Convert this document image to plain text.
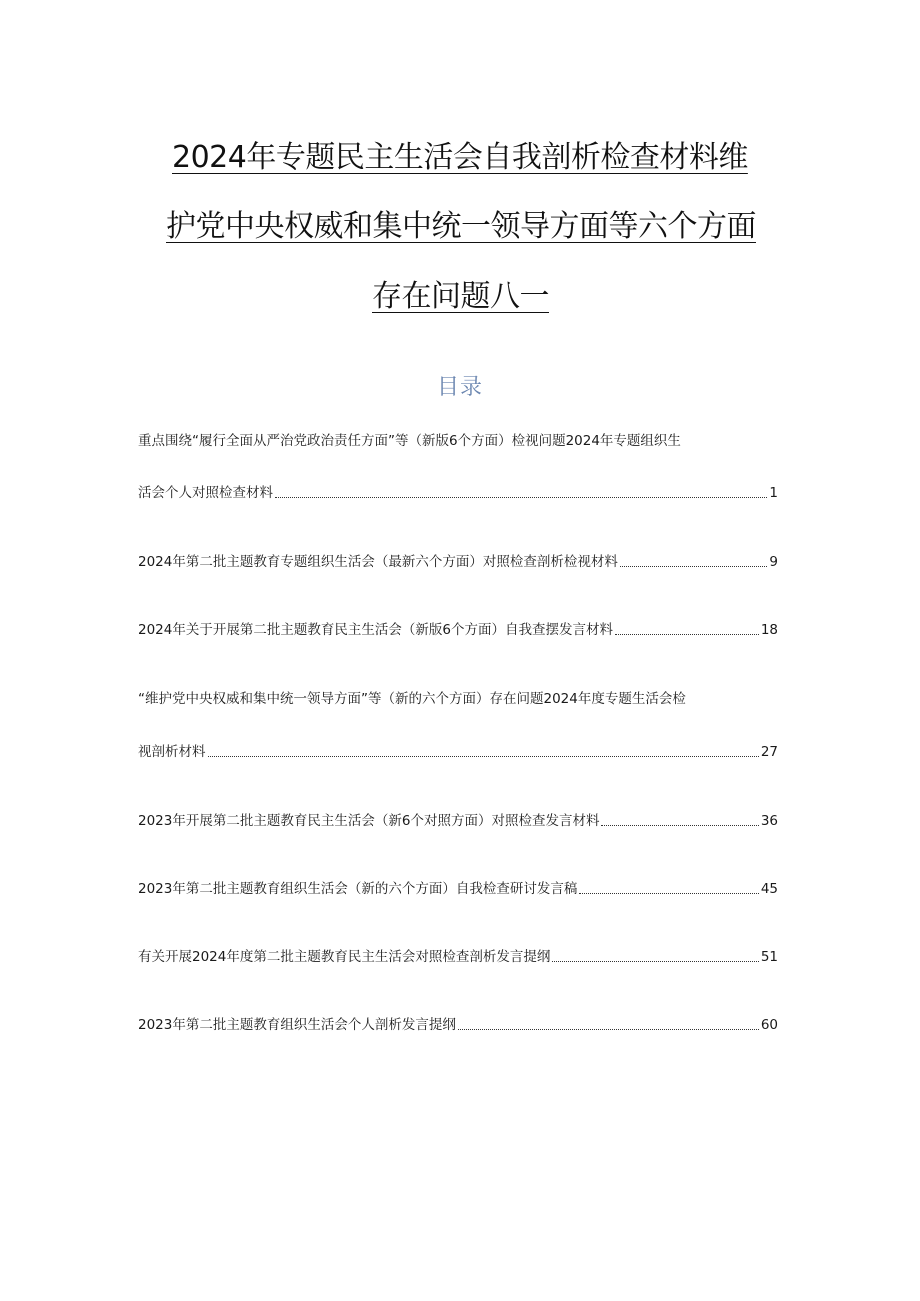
2024年专题民主生活会自我剖析检查材料维
护党中央权威和集中统一领导方面等六个方面
存在问题八一
目录
重点围绕“履行全面从严治党政治责任方面”等（新版6个方面）检视问题2024年专题组织生
活会个人对照检查材料	1
2024年第二批主题教育专题组织生活会（最新六个方面）对照检查剖析检视材料	9
2024年关于开展第二批主题教育民主生活会（新版6个方面）自我查摆发言材料	18
“维护党中央权威和集中统一领导方面”等（新的六个方面）存在问题2024年度专题生活会检
视剖析材料	27
2023年开展第二批主题教育民主生活会（新6个对照方面）对照检查发言材料	36
2023年第二批主题教育组织生活会（新的六个方面）自我检查研讨发言稿	45
有关开展2024年度第二批主题教育民主生活会对照检查剖析发言提纲	51
2023年第二批主题教育组织生活会个人剖析发言提纲	60
